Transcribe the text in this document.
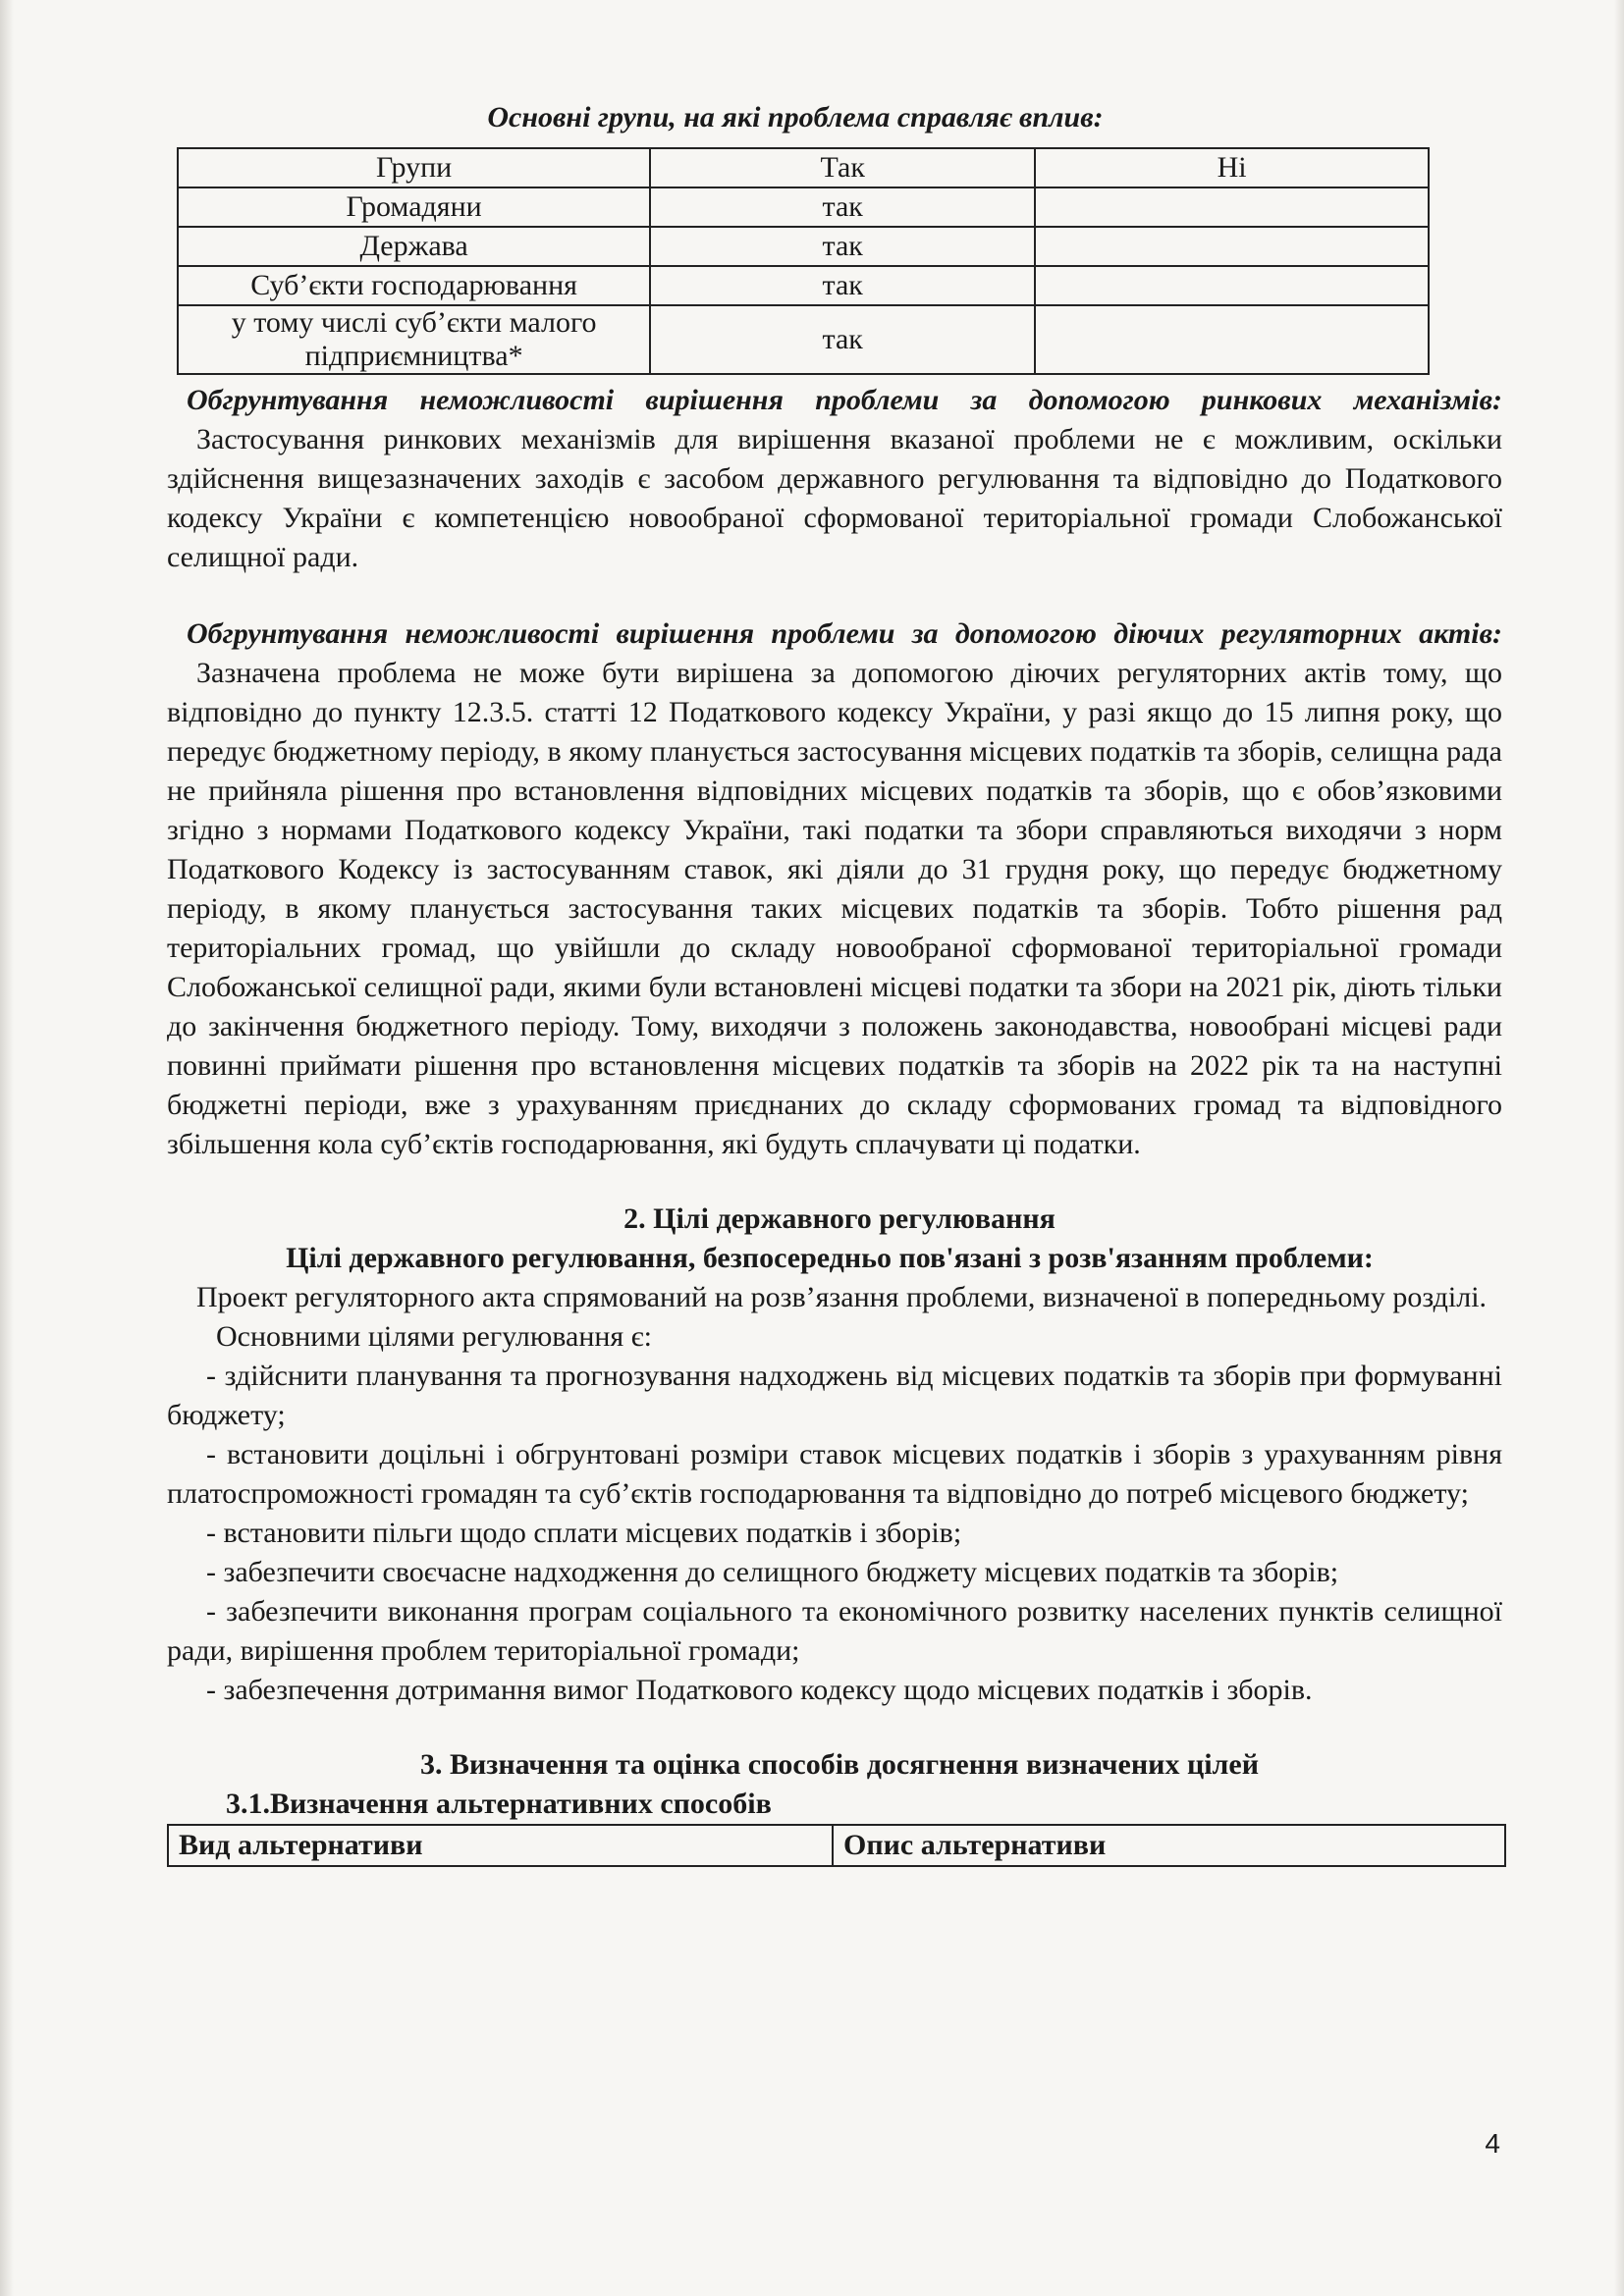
Основні групи, на які проблема справляє вплив:

Групи	Так	Ні
Громадяни	так	
Держава	так	
Суб’єкти господарювання	так	
у тому числі суб’єкти малого підприємництва*	так	

Обгрунтування неможливості вирішення проблеми за допомогою ринкових механізмів:

Застосування ринкових механізмів для вирішення вказаної проблеми не є можливим, оскільки здійснення вищезазначених заходів є засобом державного регулювання та відповідно до Податкового кодексу України є компетенцією новообраної сформованої територіальної громади Слобожанської селищної ради.

Обгрунтування неможливості вирішення проблеми за допомогою діючих регуляторних актів:

Зазначена проблема не може бути вирішена за допомогою діючих регуляторних актів тому, що відповідно до пункту 12.3.5. статті 12 Податкового кодексу України, у разі якщо до 15 липня року, що передує бюджетному періоду, в якому планується застосування місцевих податків та зборів, селищна рада не прийняла рішення про встановлення відповідних місцевих податків та зборів, що є обов’язковими згідно з нормами Податкового кодексу України, такі податки та збори справляються виходячи з норм Податкового Кодексу із застосуванням ставок, які діяли до 31 грудня року, що передує бюджетному періоду, в якому планується застосування таких місцевих податків та зборів. Тобто рішення рад територіальних громад, що увійшли до складу новообраної сформованої територіальної громади Слобожанської селищної ради, якими були встановлені місцеві податки та збори на 2021 рік, діють тільки до закінчення бюджетного періоду. Тому, виходячи з положень законодавства, новообрані місцеві ради повинні приймати рішення про встановлення місцевих податків та зборів на 2022 рік та на наступні бюджетні періоди, вже з урахуванням приєднаних до складу сформованих громад та відповідного збільшення кола суб’єктів господарювання, які будуть сплачувати ці податки.

2. Цілі державного регулювання

Цілі державного регулювання, безпосередньо пов'язані з розв'язанням проблеми:

Проект регуляторного акта спрямований на розв’язання проблеми, визначеної в попередньому розділі.

Основними цілями регулювання є:

- здійснити планування та прогнозування надходжень від місцевих податків та зборів при формуванні бюджету;

- встановити доцільні і обгрунтовані розміри ставок місцевих податків і зборів з урахуванням рівня платоспроможності громадян та суб’єктів господарювання та відповідно до потреб місцевого бюджету;

- встановити пільги щодо сплати місцевих податків і зборів;

- забезпечити своєчасне надходження до селищного бюджету місцевих податків та зборів;

- забезпечити виконання програм соціального та економічного розвитку населених пунктів селищної ради, вирішення проблем територіальної громади;

- забезпечення дотримання вимог Податкового кодексу щодо місцевих податків і зборів.

3. Визначення та оцінка способів досягнення визначених цілей

3.1.Визначення альтернативних способів

Вид альтернативи	Опис альтернативи
4
